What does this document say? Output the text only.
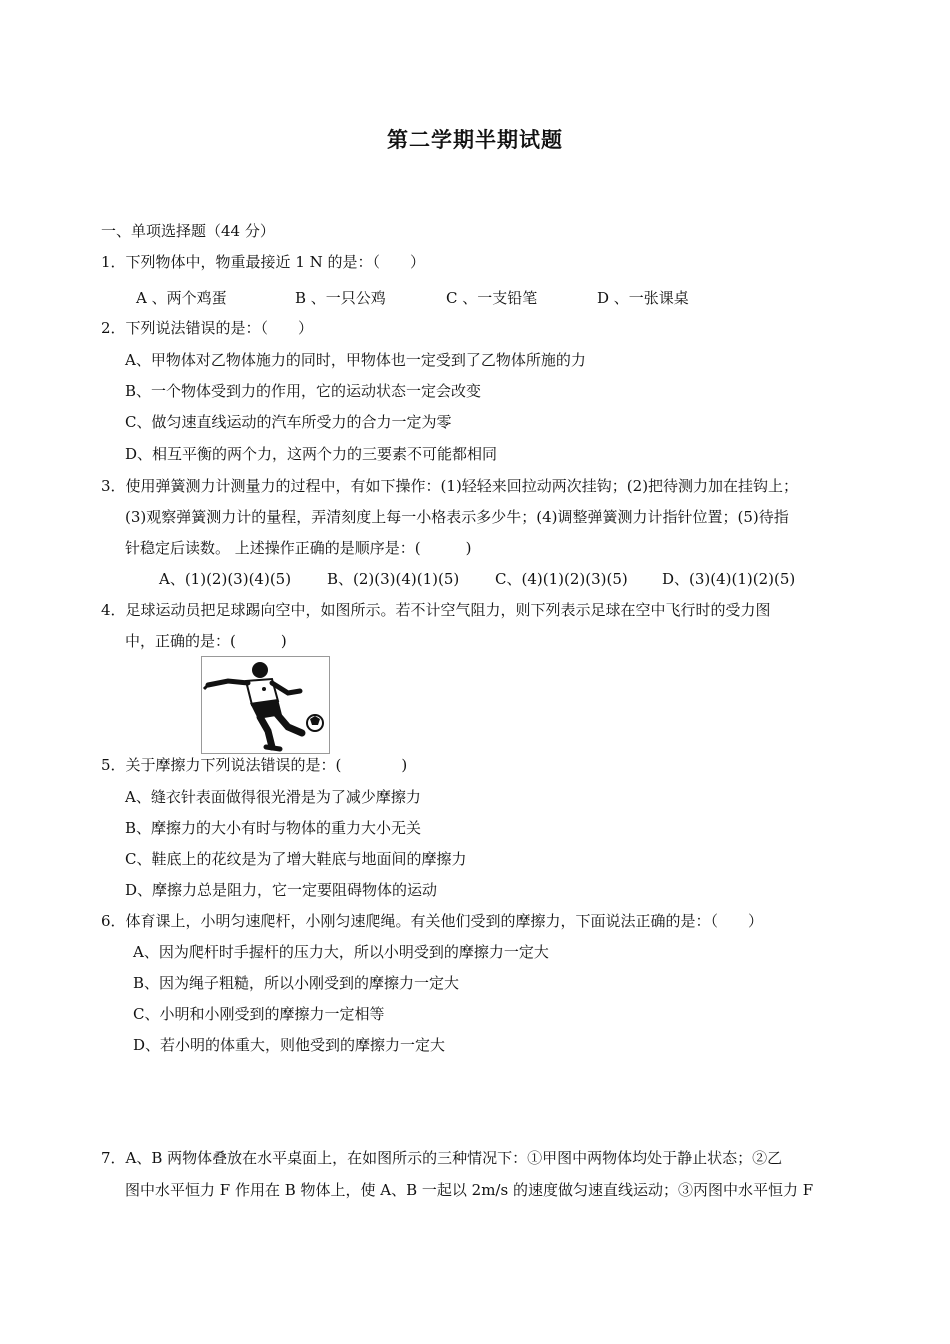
第二学期半期试题
一、单项选择题（44 分）
1．下列物体中，物重最接近 1 N 的是：（　　）
A 、两个鸡蛋	B 、一只公鸡	C 、一支铅笔	D 、一张课桌
2．下列说法错误的是：（　　）
A、甲物体对乙物体施力的同时，甲物体也一定受到了乙物体所施的力
B、一个物体受到力的作用，它的运动状态一定会改变
C、做匀速直线运动的汽车所受力的合力一定为零
D、相互平衡的两个力，这两个力的三要素不可能都相同
3．使用弹簧测力计测量力的过程中，有如下操作：(1)轻轻来回拉动两次挂钩；(2)把待测力加在挂钩上；
(3)观察弹簧测力计的量程，弄清刻度上每一小格表示多少牛；(4)调整弹簧测力计指针位置；(5)待指
针稳定后读数。 上述操作正确的是顺序是：(　　　)
A、(1)(2)(3)(4)(5) B、(2)(3)(4)(1)(5) C、(4)(1)(2)(3)(5) D、(3)(4)(1)(2)(5)
4．足球运动员把足球踢向空中，如图所示。若不计空气阻力，则下列表示足球在空中飞行时的受力图
中，正确的是：(　　　)
5．关于摩擦力下列说法错误的是：(　　　　)
A、缝衣针表面做得很光滑是为了减少摩擦力
B、摩擦力的大小有时与物体的重力大小无关
C、鞋底上的花纹是为了增大鞋底与地面间的摩擦力
D、摩擦力总是阻力，它一定要阻碍物体的运动
6．体育课上，小明匀速爬杆，小刚匀速爬绳。有关他们受到的摩擦力，下面说法正确的是：（　　）
A、因为爬杆时手握杆的压力大，所以小明受到的摩擦力一定大
B、因为绳子粗糙，所以小刚受到的摩擦力一定大
C、小明和小刚受到的摩擦力一定相等
D、若小明的体重大，则他受到的摩擦力一定大
7．A、B 两物体叠放在水平桌面上，在如图所示的三种情况下：①甲图中两物体均处于静止状态；②乙
图中水平恒力 F 作用在 B 物体上，使 A、B 一起以 2m/s 的速度做匀速直线运动；③丙图中水平恒力 F
